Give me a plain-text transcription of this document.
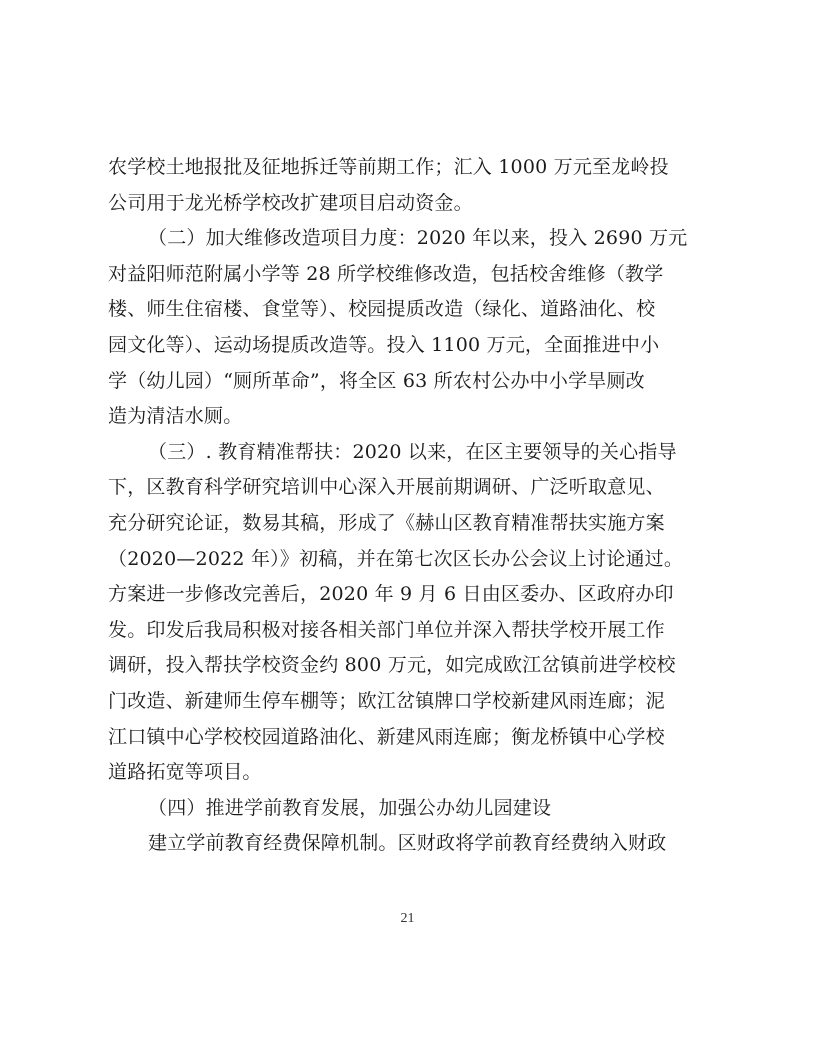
农学校土地报批及征地拆迁等前期工作；汇入 1000 万元至龙岭投
公司用于龙光桥学校改扩建项目启动资金。
（二）加大维修改造项目力度：2020 年以来，投入 2690 万元
对益阳师范附属小学等 28 所学校维修改造，包括校舍维修（教学
楼、师生住宿楼、食堂等）、校园提质改造（绿化、道路油化、校
园文化等）、运动场提质改造等。投入 1100 万元，全面推进中小
学（幼儿园）“厕所革命”，将全区 63 所农村公办中小学旱厕改
造为清洁水厕。
（三）. 教育精准帮扶：2020 以来，在区主要领导的关心指导
下，区教育科学研究培训中心深入开展前期调研、广泛听取意见、
充分研究论证，数易其稿，形成了《赫山区教育精准帮扶实施方案
（2020—2022 年）》初稿，并在第七次区长办公会议上讨论通过。
方案进一步修改完善后，2020 年 9 月 6 日由区委办、区政府办印
发。印发后我局积极对接各相关部门单位并深入帮扶学校开展工作
调研，投入帮扶学校资金约 800 万元，如完成欧江岔镇前进学校校
门改造、新建师生停车棚等；欧江岔镇牌口学校新建风雨连廊；泥
江口镇中心学校校园道路油化、新建风雨连廊；衡龙桥镇中心学校
道路拓宽等项目。
（四）推进学前教育发展，加强公办幼儿园建设
建立学前教育经费保障机制。区财政将学前教育经费纳入财政
21
